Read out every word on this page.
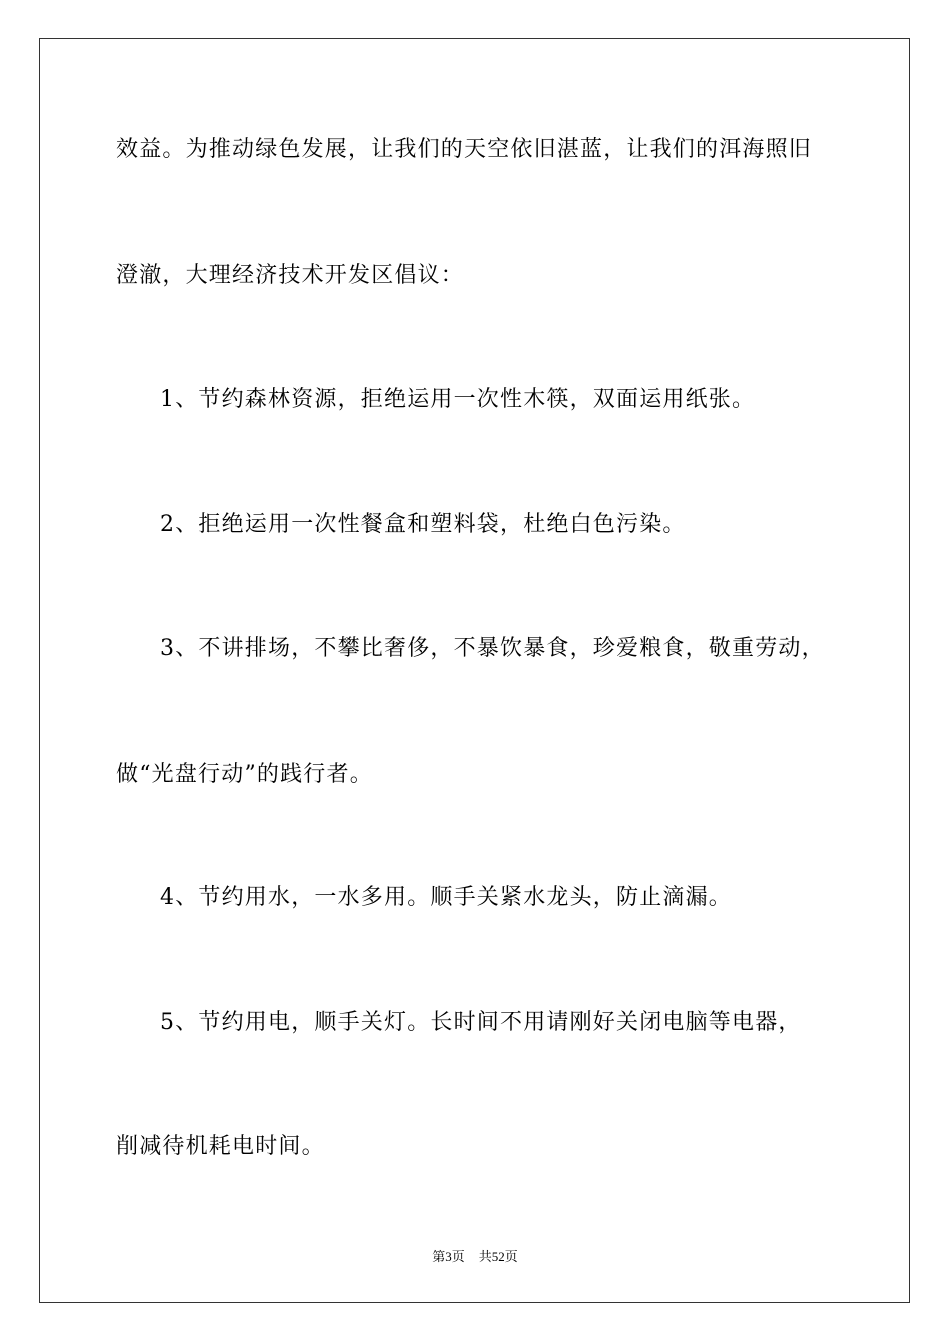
效益。为推动绿色发展，让我们的天空依旧湛蓝，让我们的洱海照旧
澄澈，大理经济技术开发区倡议：
1、节约森林资源，拒绝运用一次性木筷，双面运用纸张。
2、拒绝运用一次性餐盒和塑料袋，杜绝白色污染。
3、不讲排场，不攀比奢侈，不暴饮暴食，珍爱粮食，敬重劳动，
做“光盘行动”的践行者。
4、节约用水，一水多用。顺手关紧水龙头，防止滴漏。
5、节约用电，顺手关灯。长时间不用请刚好关闭电脑等电器，
削减待机耗电时间。
第3页 共52页
